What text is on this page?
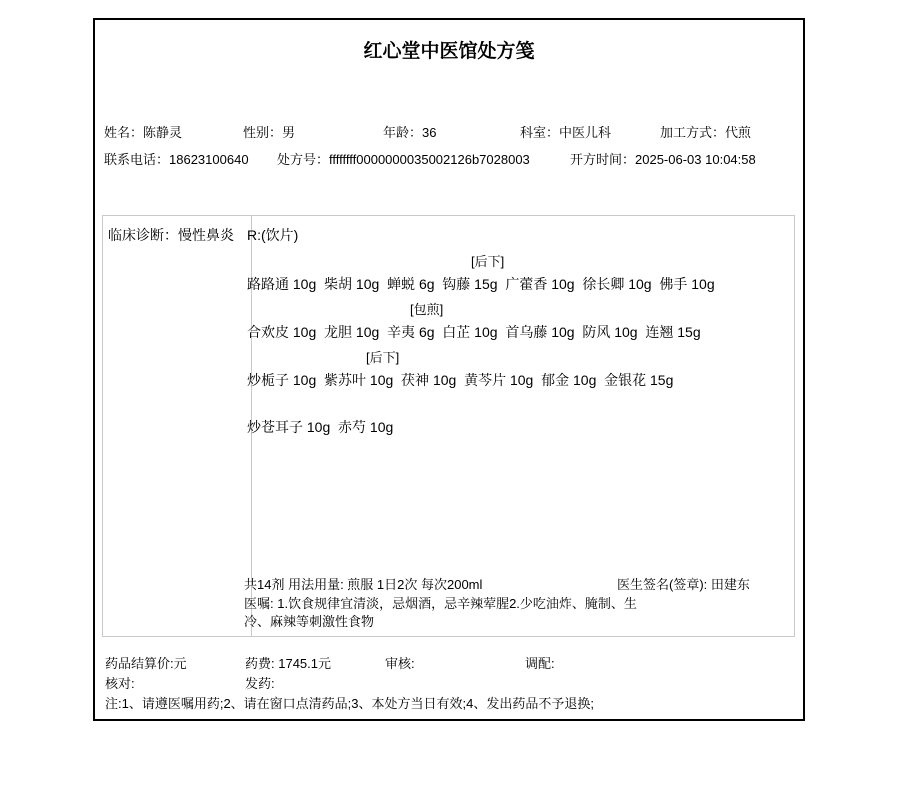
红心堂中医馆处方笺
姓名：陈静灵	性别：男	年龄：36	科室：中医儿科	加工方式：代煎
联系电话：18623100640 处方号：ffffffff0000000035002126b7028003	开方时间：2025-06-03 10:04:58
临床诊断：慢性鼻炎 R:(饮片)
[后下]
路路通 10g  柴胡 10g  蝉蜕 6g  钩藤 15g  广藿香 10g  徐长卿 10g  佛手 10g
[包煎]
合欢皮 10g  龙胆 10g  辛夷 6g  白芷 10g  首乌藤 10g  防风 10g  连翘 15g
[后下]
炒栀子 10g  紫苏叶 10g  茯神 10g  黄芩片 10g  郁金 10g  金银花 15g
炒苍耳子 10g  赤芍 10g
共14剂 用法用量: 煎服 1日2次 每次200ml	医生签名(签章): 田建东
医嘱: 1.饮食规律宜清淡，忌烟酒，忌辛辣荤腥2.少吃油炸、腌制、生冷、麻辣等刺激性食物
药品结算价:元	药费: 1745.1元	审核:	调配:
核对:	发药:
注:1、请遵医嘱用药;2、请在窗口点清药品;3、本处方当日有效;4、发出药品不予退换;
